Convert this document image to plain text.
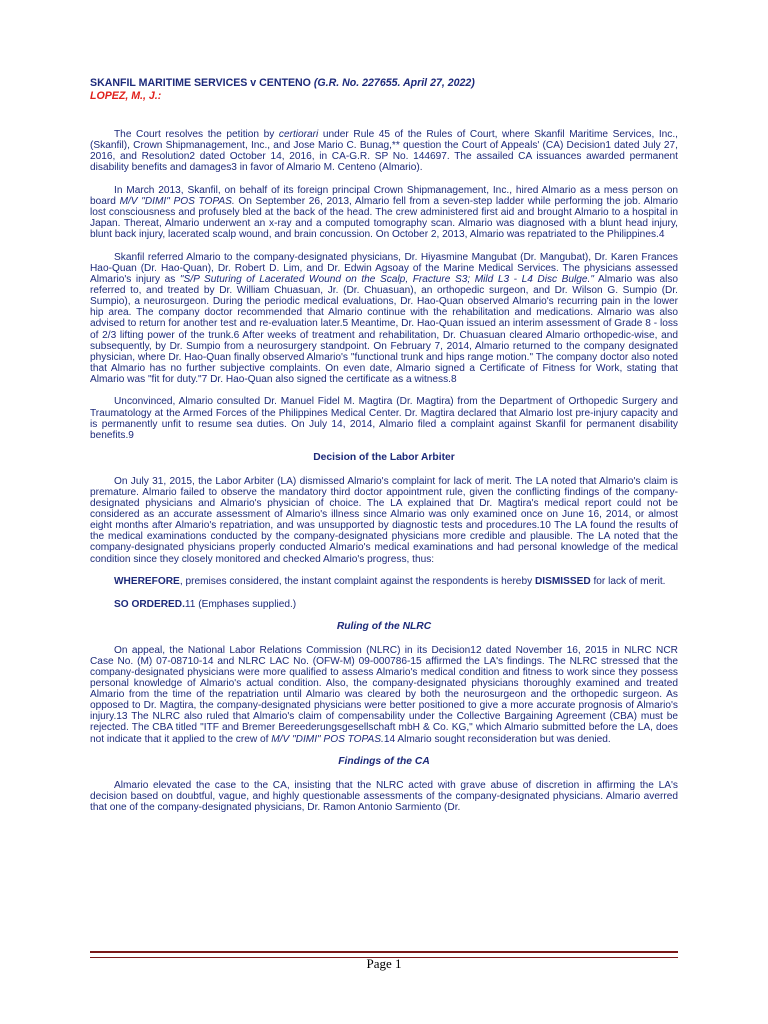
SKANFIL MARITIME SERVICES v CENTENO (G.R. No. 227655. April 27, 2022)

LOPEZ, M., J.:

The Court resolves the petition by certiorari under Rule 45 of the Rules of Court, where Skanfil Maritime Services, Inc., (Skanfil), Crown Shipmanagement, Inc., and Jose Mario C. Bunag,** question the Court of Appeals' (CA) Decision1 dated July 27, 2016, and Resolution2 dated October 14, 2016, in CA-G.R. SP No. 144697. The assailed CA issuances awarded permanent disability benefits and damages3 in favor of Almario M. Centeno (Almario).

In March 2013, Skanfil, on behalf of its foreign principal Crown Shipmanagement, Inc., hired Almario as a mess person on board M/V "DIMI" POS TOPAS. On September 26, 2013, Almario fell from a seven-step ladder while performing the job. Almario lost consciousness and profusely bled at the back of the head. The crew administered first aid and brought Almario to a hospital in Japan. Thereat, Almario underwent an x-ray and a computed tomography scan. Almario was diagnosed with a blunt head injury, blunt back injury, lacerated scalp wound, and brain concussion. On October 2, 2013, Almario was repatriated to the Philippines.4

Skanfil referred Almario to the company-designated physicians, Dr. Hiyasmine Mangubat (Dr. Mangubat), Dr. Karen Frances Hao-Quan (Dr. Hao-Quan), Dr. Robert D. Lim, and Dr. Edwin Agsoay of the Marine Medical Services. The physicians assessed Almario's injury as "S/P Suturing of Lacerated Wound on the Scalp, Fracture S3; Mild L3 - L4 Disc Bulge." Almario was also referred to, and treated by Dr. William Chuasuan, Jr. (Dr. Chuasuan), an orthopedic surgeon, and Dr. Wilson G. Sumpio (Dr. Sumpio), a neurosurgeon. During the periodic medical evaluations, Dr. Hao-Quan observed Almario's recurring pain in the lower hip area. The company doctor recommended that Almario continue with the rehabilitation and medications. Almario was also advised to return for another test and re-evaluation later.5 Meantime, Dr. Hao-Quan issued an interim assessment of Grade 8 - loss of 2/3 lifting power of the trunk.6 After weeks of treatment and rehabilitation, Dr. Chuasuan cleared Almario orthopedic-wise, and subsequently, by Dr. Sumpio from a neurosurgery standpoint. On February 7, 2014, Almario returned to the company designated physician, where Dr. Hao-Quan finally observed Almario's "functional trunk and hips range motion." The company doctor also noted that Almario has no further subjective complaints. On even date, Almario signed a Certificate of Fitness for Work, stating that Almario was "fit for duty."7 Dr. Hao-Quan also signed the certificate as a witness.8

Unconvinced, Almario consulted Dr. Manuel Fidel M. Magtira (Dr. Magtira) from the Department of Orthopedic Surgery and Traumatology at the Armed Forces of the Philippines Medical Center. Dr. Magtira declared that Almario lost pre-injury capacity and is permanently unfit to resume sea duties. On July 14, 2014, Almario filed a complaint against Skanfil for permanent disability benefits.9

Decision of the Labor Arbiter

On July 31, 2015, the Labor Arbiter (LA) dismissed Almario's complaint for lack of merit. The LA noted that Almario's claim is premature. Almario failed to observe the mandatory third doctor appointment rule, given the conflicting findings of the company-designated physicians and Almario's physician of choice. The LA explained that Dr. Magtira's medical report could not be considered as an accurate assessment of Almario's illness since Almario was only examined once on June 16, 2014, or almost eight months after Almario's repatriation, and was unsupported by diagnostic tests and procedures.10 The LA found the results of the medical examinations conducted by the company-designated physicians more credible and plausible. The LA noted that the company-designated physicians properly conducted Almario's medical examinations and had personal knowledge of the medical condition since they closely monitored and checked Almario's progress, thus:

WHEREFORE, premises considered, the instant complaint against the respondents is hereby DISMISSED for lack of merit.

SO ORDERED.11 (Emphases supplied.)

Ruling of the NLRC

On appeal, the National Labor Relations Commission (NLRC) in its Decision12 dated November 16, 2015 in NLRC NCR Case No. (M) 07-08710-14 and NLRC LAC No. (OFW-M) 09-000786-15 affirmed the LA's findings. The NLRC stressed that the company-designated physicians were more qualified to assess Almario's medical condition and fitness to work since they possess personal knowledge of Almario's actual condition. Also, the company-designated physicians thoroughly examined and treated Almario from the time of the repatriation until Almario was cleared by both the neurosurgeon and the orthopedic surgeon. As opposed to Dr. Magtira, the company-designated physicians were better positioned to give a more accurate prognosis of Almario's injury.13 The NLRC also ruled that Almario's claim of compensability under the Collective Bargaining Agreement (CBA) must be rejected. The CBA titled "ITF and Bremer Bereederungsgesellschaft mbH & Co. KG," which Almario submitted before the LA, does not indicate that it applied to the crew of M/V "DIMI" POS TOPAS.14 Almario sought reconsideration but was denied.

Findings of the CA

Almario elevated the case to the CA, insisting that the NLRC acted with grave abuse of discretion in affirming the LA's decision based on doubtful, vague, and highly questionable assessments of the company-designated physicians. Almario averred that one of the company-designated physicians, Dr. Ramon Antonio Sarmiento (Dr.

Page 1
